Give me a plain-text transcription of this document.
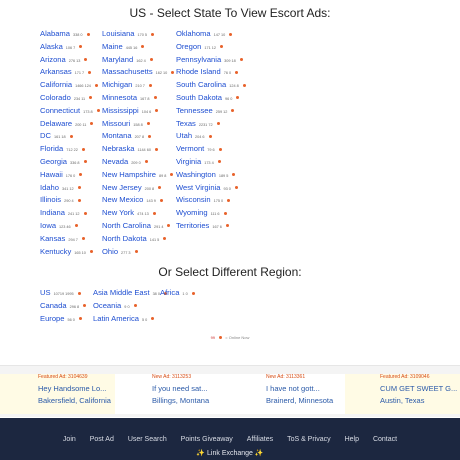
US - Select State To View Escort Ads:
Alabama 338 0
Alaska 106 7
Arizona 276 13
Arkansas 171 7
California 1466 124
Colorado 234 11
Connecticut 173 8
Delaware 200 11
DC 161 18
Florida 712 22
Georgia 336 8
Hawaii 176 0
Idaho 341 12
Illinois 290 4
Indiana 241 12
Iowa 123 46
Kansas 294 7
Kentucky 165 10
Louisiana 170 5
Maine 445 16
Maryland 162 4
Massachusetts 162 10
Michigan 210 7
Minnesota 167 8
Mississippi 104 6
Missouri 158 8
Montana 207 8
Nebraska 1144 60
Nevada 209 0
New Hampshire 89 8
New Jersey 200 8
New Mexico 143 9
New York 474 13
North Carolina 291 4
North Dakota 141 5
Ohio 277 3
Oklahoma 147 10
Oregon 171 12
Pennsylvania 309 18
Rhode Island 76 0
South Carolina 124 8
South Dakota 96 0
Tennessee 259 12
Texas 2231 72
Utah 204 6
Vermont 79 6
Virginia 173 4
Washington 189 5
West Virginia 93 0
Wisconsin 175 0
Wyoming 111 6
Territories 167 6
Or Select Different Region:
US 10719 1995
Canada 296 8
Europe 56 0
Asia Middle East 38 0
Oceania 9 0
Latin America 5 0
Africa 1 0
99	= Online Now
Featured Ad: 3104639
Hey Handsome Lo...
Bakersfield, California
New Ad: 3113253
If you need sat...
Billings, Montana
New Ad: 3113361
I have not gott...
Brainerd, Minnesota
Featured Ad: 3109046
CUM GET SWEET G...
Austin, Texas
Join Post Ad User Search Points Giveaway Affiliates ToS & Privacy Help Contact
✨ Link Exchange ✨
